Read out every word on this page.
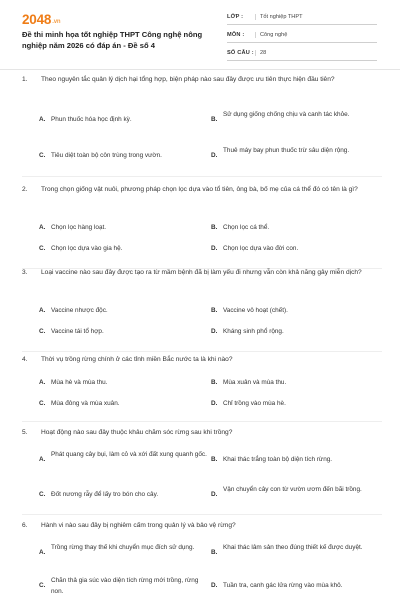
2048.vn
Đề thi minh họa tốt nghiệp THPT Công nghệ nông nghiệp năm 2026 có đáp án - Đề số 4
LỚP :	Tốt nghiệp THPT
MÔN :	Công nghệ
SỐ CÂU :	28
1. Theo nguyên tắc quản lý dịch hại tổng hợp, biện pháp nào sau đây được ưu tiên thực hiện đầu tiên?
A. Phun thuốc hóa học định kỳ.	B.
Sử dụng giống chống chịu và canh tác khỏe.
C. Tiêu diệt toàn bộ côn trùng trong vườn.	D.
Thuê máy bay phun thuốc trừ sâu diện rộng.
2. Trong chọn giống vật nuôi, phương pháp chọn lọc dựa vào tổ tiên, ông bà, bố mẹ của cá thể đó có tên là gì?
A. Chọn lọc hàng loạt.	B. Chọn lọc cá thể.
C. Chọn lọc dựa vào gia hệ.	D. Chọn lọc dựa vào đời con.
3. Loại vaccine nào sau đây được tạo ra từ mầm bệnh đã bị làm yếu đi nhưng vẫn còn khả năng gây miễn dịch?
A. Vaccine nhược độc.	B. Vaccine vô hoạt (chết).
C. Vaccine tái tổ hợp.	D. Kháng sinh phổ rộng.
4. Thời vụ trồng rừng chính ở các tỉnh miền Bắc nước ta là khi nào?
A. Mùa hè và mùa thu.	B. Mùa xuân và mùa thu.
C. Mùa đông và mùa xuân.	D. Chỉ trồng vào mùa hè.
5. Hoạt động nào sau đây thuộc khâu chăm sóc rừng sau khi trồng?
A.
Phát quang cây bụi, làm cỏ và xới đất xung quanh gốc.
B. Khai thác trắng toàn bộ diện tích rừng.
C. Đốt nương rẫy để lấy tro bón cho cây.	D.
Vận chuyển cây con từ vườn ươm đến bãi trồng.
6. Hành vi nào sau đây bị nghiêm cấm trong quản lý và bảo vệ rừng?
A.
Trồng rừng thay thế khi chuyển mục đích sử dụng.
B.
Khai thác lâm sản theo đúng thiết kế được duyệt.
C.
Chăn thả gia súc vào diện tích rừng mới trồng, rừng non.
D. Tuần tra, canh gác lửa rừng vào mùa khô.
